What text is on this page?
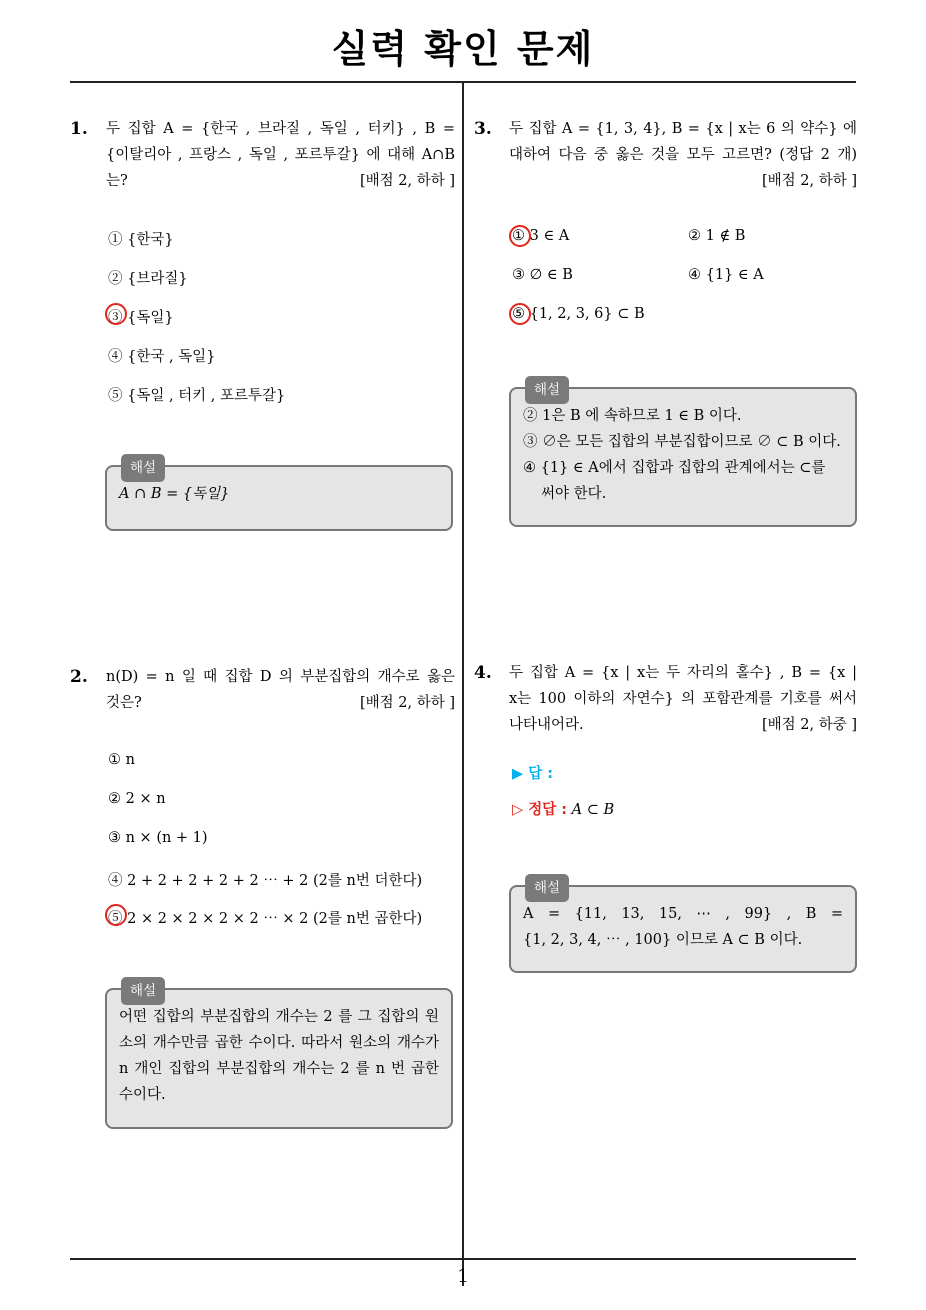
실력 확인 문제
1
1. 두 집합 A = {한국 , 브라질 , 독일 , 터키} , B =
{이탈리아 , 프랑스 , 독일 , 포르투갈} 에 대해 A∩B
는?	[배점 2, 하하 ]
① {한국}
② {브라질}
③ {독일}
④ {한국 , 독일}
⑤ {독일 , 터키 , 포르투갈}
해설
A ∩ B = {독일}
2. n(D) = n 일 때 집합 D 의 부분집합의 개수로 옳은
것은?	[배점 2, 하하 ]
① n
② 2 × n
③ n × (n + 1)
④ 2 + 2 + 2 + 2 + 2 ⋯ + 2 (2를 n번 더한다)
⑤ 2 × 2 × 2 × 2 × 2 ⋯ × 2 (2를 n번 곱한다)
해설
어떤 집합의 부분집합의 개수는 2 를 그 집합의 원
소의 개수만큼 곱한 수이다. 따라서 원소의 개수가
n 개인 집합의 부분집합의 개수는 2 를 n 번 곱한
수이다.
3. 두 집합 A = {1, 3, 4}, B = {x | x는 6 의 약수} 에
대하여 다음 중 옳은 것을 모두 고르면? (정답 2 개)
[배점 2, 하하 ]
① 3 ∈ A	② 1 ∉ B
③ ∅ ∈ B	④ {1} ∈ A
⑤ {1, 2, 3, 6} ⊂ B
해설
② 1은 B 에 속하므로 1 ∈ B 이다.
③ ∅은 모든 집합의 부분집합이므로 ∅ ⊂ B 이다.
④ {1} ∈ A에서 집합과 집합의 관계에서는 ⊂를
써야 한다.
4. 두 집합 A = {x | x는 두 자리의 홀수} , B = {x |
x는 100 이하의 자연수} 의 포함관계를 기호를 써서
나타내어라.	[배점 2, 하중 ]
▶ 답 :
▷ 정답 : A ⊂ B
해설
A = {11, 13, 15, ⋯ , 99} , B =
{1, 2, 3, 4, ⋯ , 100} 이므로 A ⊂ B 이다.
